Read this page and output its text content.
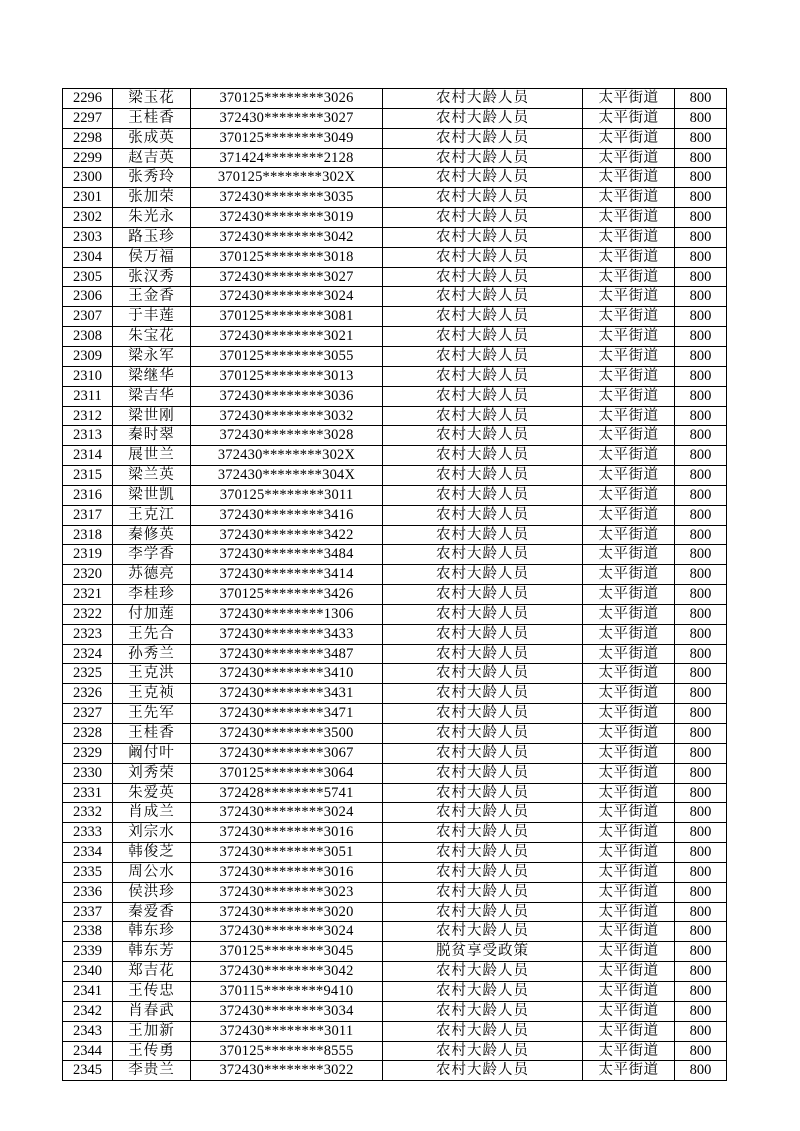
2296	梁玉花	370125********3026	农村大龄人员	太平街道	800
2297	王桂香	372430********3027	农村大龄人员	太平街道	800
2298	张成英	370125********3049	农村大龄人员	太平街道	800
2299	赵吉英	371424********2128	农村大龄人员	太平街道	800
2300	张秀玲	370125********302X	农村大龄人员	太平街道	800
2301	张加荣	372430********3035	农村大龄人员	太平街道	800
2302	朱光永	372430********3019	农村大龄人员	太平街道	800
2303	路玉珍	372430********3042	农村大龄人员	太平街道	800
2304	侯万福	370125********3018	农村大龄人员	太平街道	800
2305	张汉秀	372430********3027	农村大龄人员	太平街道	800
2306	王金香	372430********3024	农村大龄人员	太平街道	800
2307	于丰莲	370125********3081	农村大龄人员	太平街道	800
2308	朱宝花	372430********3021	农村大龄人员	太平街道	800
2309	梁永军	370125********3055	农村大龄人员	太平街道	800
2310	梁继华	370125********3013	农村大龄人员	太平街道	800
2311	梁吉华	372430********3036	农村大龄人员	太平街道	800
2312	梁世刚	372430********3032	农村大龄人员	太平街道	800
2313	秦时翠	372430********3028	农村大龄人员	太平街道	800
2314	展世兰	372430********302X	农村大龄人员	太平街道	800
2315	梁兰英	372430********304X	农村大龄人员	太平街道	800
2316	梁世凯	370125********3011	农村大龄人员	太平街道	800
2317	王克江	372430********3416	农村大龄人员	太平街道	800
2318	秦修英	372430********3422	农村大龄人员	太平街道	800
2319	李学香	372430********3484	农村大龄人员	太平街道	800
2320	苏德亮	372430********3414	农村大龄人员	太平街道	800
2321	李桂珍	370125********3426	农村大龄人员	太平街道	800
2322	付加莲	372430********1306	农村大龄人员	太平街道	800
2323	王先合	372430********3433	农村大龄人员	太平街道	800
2324	孙秀兰	372430********3487	农村大龄人员	太平街道	800
2325	王克洪	372430********3410	农村大龄人员	太平街道	800
2326	王克祯	372430********3431	农村大龄人员	太平街道	800
2327	王先军	372430********3471	农村大龄人员	太平街道	800
2328	王桂香	372430********3500	农村大龄人员	太平街道	800
2329	阚付叶	372430********3067	农村大龄人员	太平街道	800
2330	刘秀荣	370125********3064	农村大龄人员	太平街道	800
2331	朱爱英	372428********5741	农村大龄人员	太平街道	800
2332	肖成兰	372430********3024	农村大龄人员	太平街道	800
2333	刘宗水	372430********3016	农村大龄人员	太平街道	800
2334	韩俊芝	372430********3051	农村大龄人员	太平街道	800
2335	周公水	372430********3016	农村大龄人员	太平街道	800
2336	侯洪珍	372430********3023	农村大龄人员	太平街道	800
2337	秦爱香	372430********3020	农村大龄人员	太平街道	800
2338	韩东珍	372430********3024	农村大龄人员	太平街道	800
2339	韩东芳	370125********3045	脱贫享受政策	太平街道	800
2340	郑吉花	372430********3042	农村大龄人员	太平街道	800
2341	王传忠	370115********9410	农村大龄人员	太平街道	800
2342	肖春武	372430********3034	农村大龄人员	太平街道	800
2343	王加新	372430********3011	农村大龄人员	太平街道	800
2344	王传勇	370125********8555	农村大龄人员	太平街道	800
2345	李贵兰	372430********3022	农村大龄人员	太平街道	800
